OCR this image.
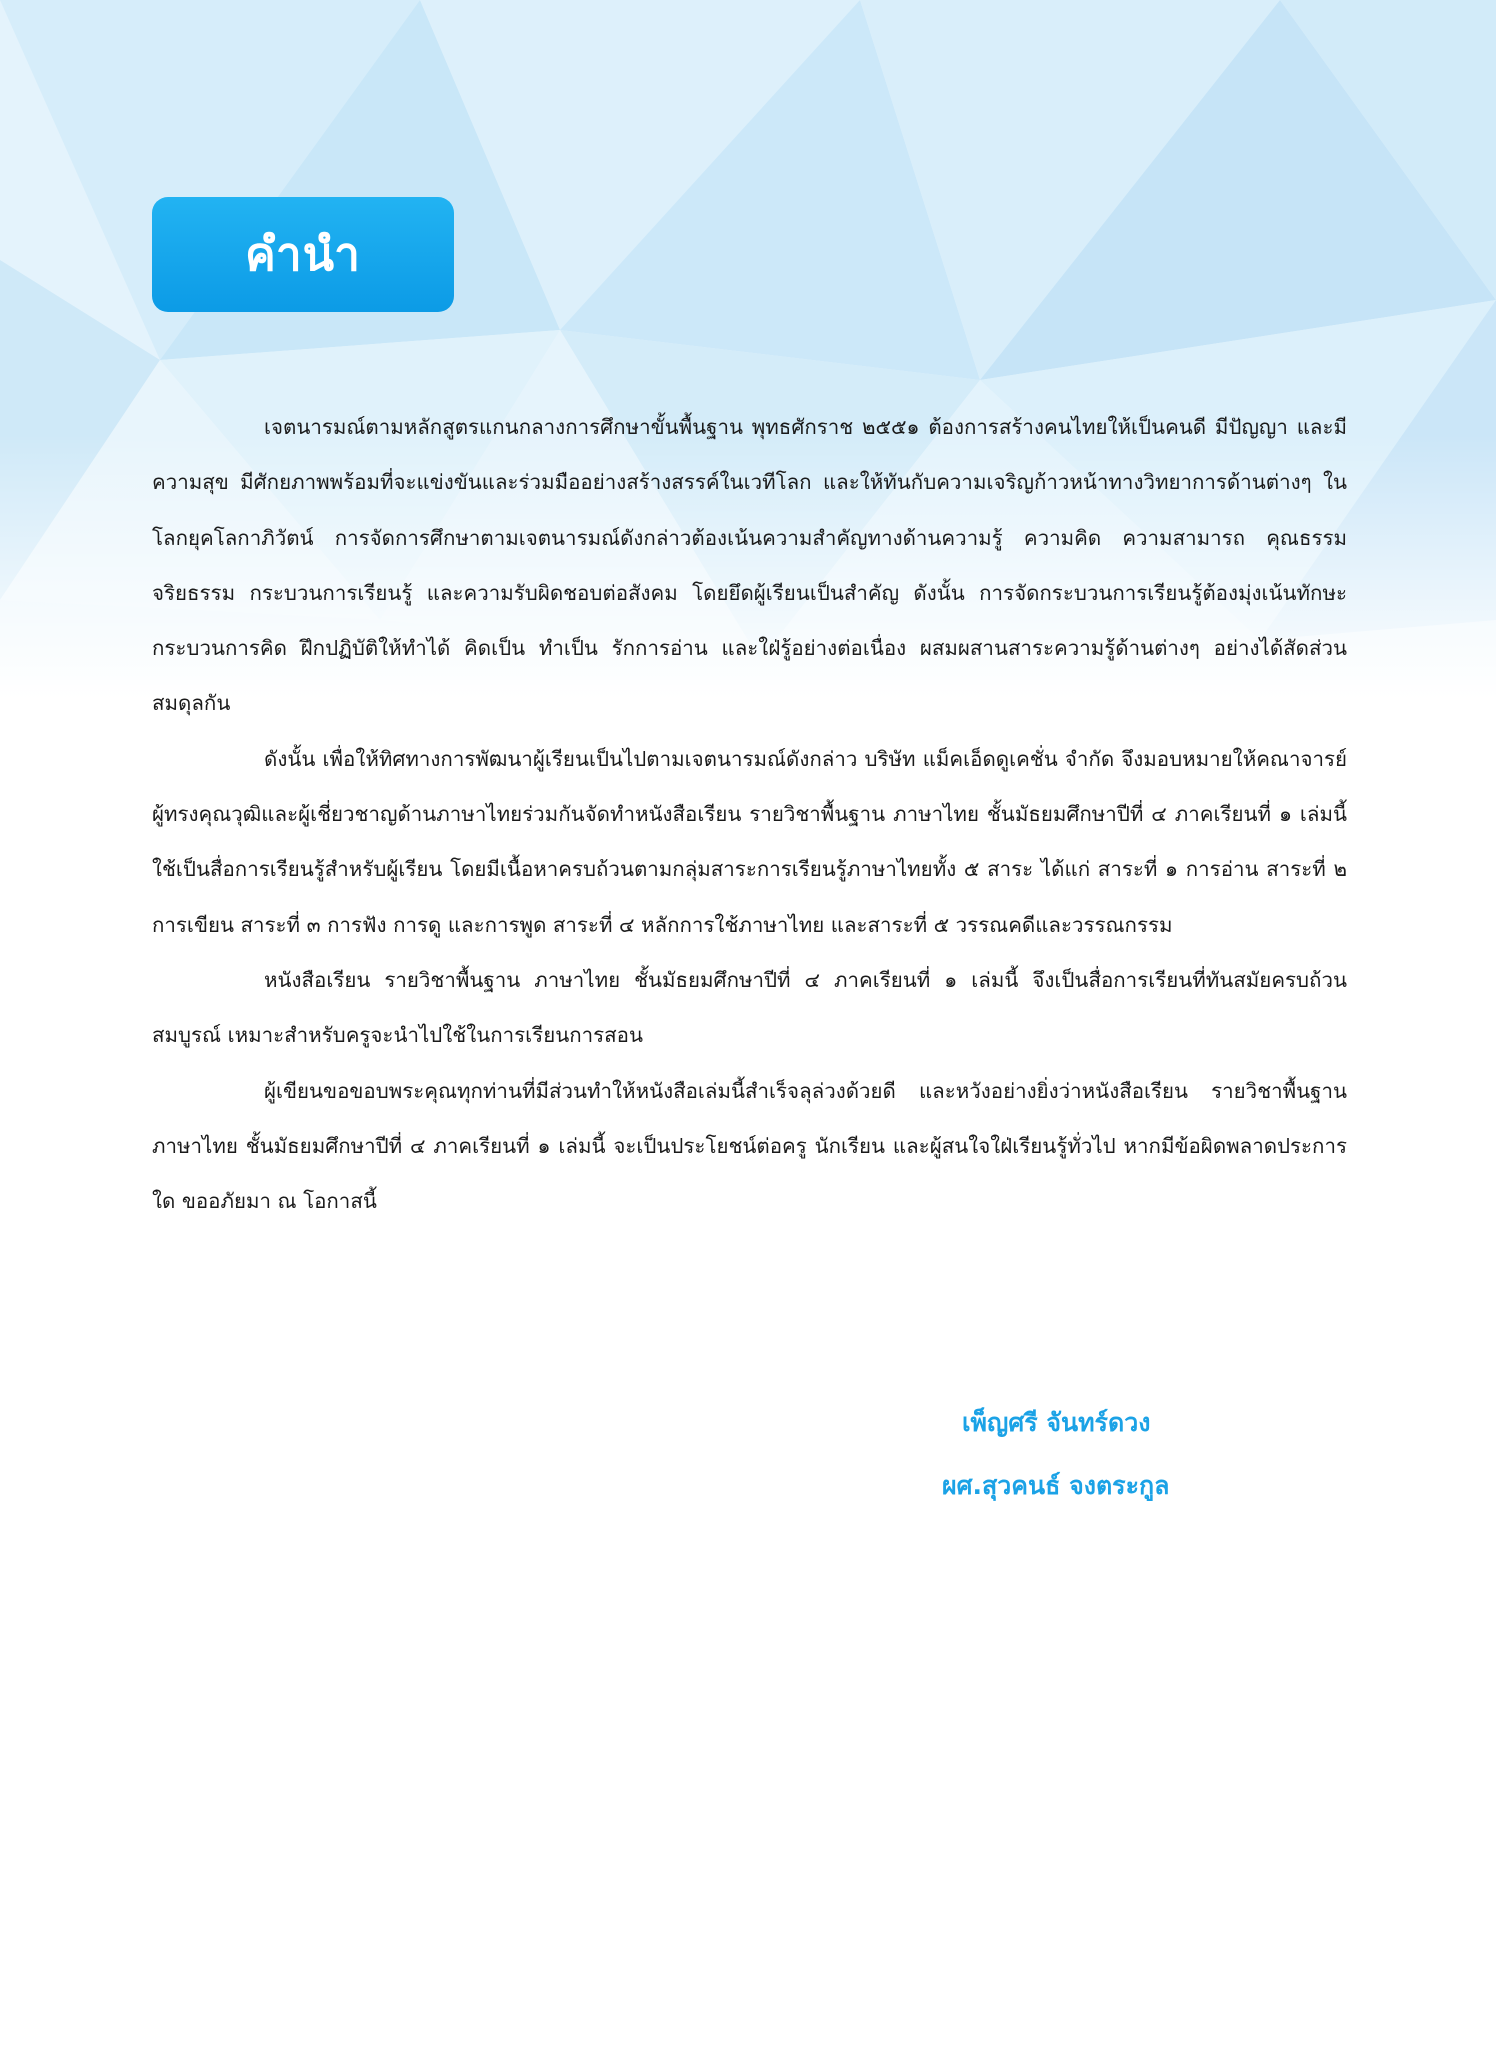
คำนำ

เจตนารมณ์ตามหลักสูตรแกนกลางการศึกษาขั้นพื้นฐาน พุทธศักราช ๒๕๕๑ ต้องการสร้างคนไทยให้เป็นคนดี มีปัญญา และมีความสุข มีศักยภาพพร้อมที่จะแข่งขันและร่วมมืออย่างสร้างสรรค์ในเวทีโลก และให้ทันกับความเจริญก้าวหน้าทางวิทยาการด้านต่างๆ ในโลกยุคโลกาภิวัตน์ การจัดการศึกษาตามเจตนารมณ์ดังกล่าวต้องเน้นความสำคัญทางด้านความรู้ ความคิด ความสามารถ คุณธรรม จริยธรรม กระบวนการเรียนรู้ และความรับผิดชอบต่อสังคม โดยยึดผู้เรียนเป็นสำคัญ ดังนั้น การจัดกระบวนการเรียนรู้ต้องมุ่งเน้นทักษะกระบวนการคิด ฝึกปฏิบัติให้ทำได้ คิดเป็น ทำเป็น รักการอ่าน และใฝ่รู้อย่างต่อเนื่อง ผสมผสานสาระความรู้ด้านต่างๆ อย่างได้สัดส่วนสมดุลกัน

ดังนั้น เพื่อให้ทิศทางการพัฒนาผู้เรียนเป็นไปตามเจตนารมณ์ดังกล่าว บริษัท แม็คเอ็ดดูเคชั่น จำกัด จึงมอบหมายให้คณาจารย์ผู้ทรงคุณวุฒิและผู้เชี่ยวชาญด้านภาษาไทยร่วมกันจัดทำหนังสือเรียน รายวิชาพื้นฐาน ภาษาไทย ชั้นมัธยมศึกษาปีที่ ๔ ภาคเรียนที่ ๑ เล่มนี้ ใช้เป็นสื่อการเรียนรู้สำหรับผู้เรียน โดยมีเนื้อหาครบถ้วนตามกลุ่มสาระการเรียนรู้ภาษาไทยทั้ง ๕ สาระ ได้แก่ สาระที่ ๑ การอ่าน สาระที่ ๒ การเขียน สาระที่ ๓ การฟัง การดู และการพูด สาระที่ ๔ หลักการใช้ภาษาไทย และสาระที่ ๕ วรรณคดีและวรรณกรรม

หนังสือเรียน รายวิชาพื้นฐาน ภาษาไทย ชั้นมัธยมศึกษาปีที่ ๔ ภาคเรียนที่ ๑ เล่มนี้ จึงเป็นสื่อการเรียนที่ทันสมัยครบถ้วนสมบูรณ์ เหมาะสำหรับครูจะนำไปใช้ในการเรียนการสอน

ผู้เขียนขอขอบพระคุณทุกท่านที่มีส่วนทำให้หนังสือเล่มนี้สำเร็จลุล่วงด้วยดี และหวังอย่างยิ่งว่าหนังสือเรียน รายวิชาพื้นฐาน ภาษาไทย ชั้นมัธยมศึกษาปีที่ ๔ ภาคเรียนที่ ๑ เล่มนี้ จะเป็นประโยชน์ต่อครู นักเรียน และผู้สนใจใฝ่เรียนรู้ทั่วไป หากมีข้อผิดพลาดประการใด ขออภัยมา ณ โอกาสนี้

เพ็ญศรี จันทร์ดวง
ผศ.สุวคนธ์ จงตระกูล
